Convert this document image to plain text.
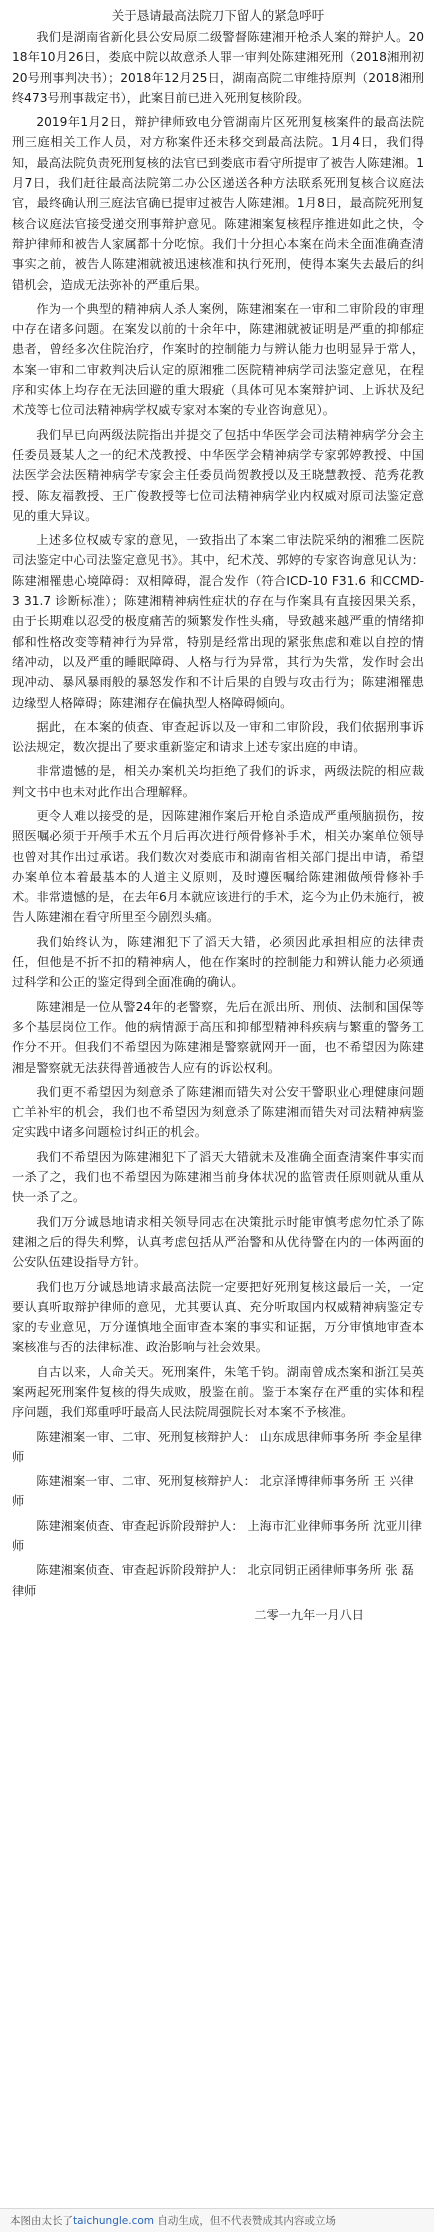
关于恳请最高法院刀下留人的紧急呼吁

我们是湖南省新化县公安局原二级警督陈建湘开枪杀人案的辩护人。2018年10月26日，娄底中院以故意杀人罪一审判处陈建湘死刑（2018湘刑初20号刑事判决书）；2018年12月25日，湖南高院二审维持原判（2018湘刑终473号刑事裁定书），此案目前已进入死刑复核阶段。

2019年1月2日，辩护律师致电分管湖南片区死刑复核案件的最高法院刑三庭相关工作人员，对方称案件还未移交到最高法院。1月4日，我们得知，最高法院负责死刑复核的法官已到娄底市看守所提审了被告人陈建湘。1月7日，我们赶往最高法院第二办公区递送各种方法联系死刑复核合议庭法官，最终确认刑三庭法官确已提审过被告人陈建湘。1月8日，最高院死刑复核合议庭法官接受递交刑事辩护意见。陈建湘案复核程序推进如此之快，令辩护律师和被告人家属都十分吃惊。我们十分担心本案在尚未全面准确查清事实之前，被告人陈建湘就被迅速核准和执行死刑，使得本案失去最后的纠错机会，造成无法弥补的严重后果。

作为一个典型的精神病人杀人案例，陈建湘案在一审和二审阶段的审理中存在诸多问题。在案发以前的十余年中，陈建湘就被证明是严重的抑郁症患者，曾经多次住院治疗，作案时的控制能力与辨认能力也明显异于常人，本案一审和二审救判决后认定的原湘雅二医院精神病学司法鉴定意见，在程序和实体上均存在无法回避的重大瑕疵（具体可见本案辩护词、上诉状及纪术茂等七位司法精神病学权威专家对本案的专业咨询意见）。

我们早已向两级法院指出并提交了包括中华医学会司法精神病学分会主任委员聂某人之一的纪术茂教授、中华医学会精神病学专家郭婷教授、中国法医学会法医精神病学专家会主任委员尚贺教授以及王晓慧教授、范秀花教授、陈友福教授、王广俊教授等七位司法精神病学业内权威对原司法鉴定意见的重大异议。

上述多位权威专家的意见，一致指出了本案二审法院采纳的湘雅二医院司法鉴定中心司法鉴定意见书》。其中，纪术茂、郭婷的专家咨询意见认为：陈建湘罹患心境障碍：双相障碍，混合发作（符合ICD-10 F31.6 和CCMD-3 31.7 诊断标准）；陈建湘精神病性症状的存在与作案具有直接因果关系，由于长期难以忍受的极度痛苦的频繁发作性头痛，导致越来越严重的情绪抑郁和性格改变等精神行为异常，特别是经常出现的紧张焦虑和难以自控的情绪冲动，以及严重的睡眠障碍、人格与行为异常，其行为失常，发作时会出现冲动、暴风暴雨般的暴怒发作和不计后果的自毁与攻击行为；陈建湘罹患边缘型人格障碍；陈建湘存在偏执型人格障碍倾向。

据此，在本案的侦查、审查起诉以及一审和二审阶段，我们依据刑事诉讼法规定，数次提出了要求重新鉴定和请求上述专家出庭的申请。

非常遗憾的是，相关办案机关均拒绝了我们的诉求，两级法院的相应裁判文书中也未对此作出合理解释。

更令人难以接受的是，因陈建湘作案后开枪自杀造成严重颅脑损伤，按照医嘱必须于开颅手术五个月后再次进行颅骨修补手术，相关办案单位领导也曾对其作出过承诺。我们数次对娄底市和湖南省相关部门提出申请，希望办案单位本着最基本的人道主义原则，及时遵医嘱给陈建湘做颅骨修补手术。非常遗憾的是，在去年6月本就应该进行的手术，迄今为止仍未施行，被告人陈建湘在看守所里至今剧烈头痛。

我们始终认为，陈建湘犯下了滔天大错，必须因此承担相应的法律责任，但他是不折不扣的精神病人，他在作案时的控制能力和辨认能力必须通过科学和公正的鉴定得到全面准确的确认。

陈建湘是一位从警24年的老警察，先后在派出所、刑侦、法制和国保等多个基层岗位工作。他的病情源于高压和抑郁型精神科疾病与繁重的警务工作分不开。但我们不希望因为陈建湘是警察就网开一面，也不希望因为陈建湘是警察就无法获得普通被告人应有的诉讼权利。

我们更不希望因为刻意杀了陈建湘而错失对公安干警职业心理健康问题亡羊补牢的机会，我们也不希望因为刻意杀了陈建湘而错失对司法精神病鉴定实践中诸多问题检讨纠正的机会。

我们不希望因为陈建湘犯下了滔天大错就未及准确全面查清案件事实而一杀了之，我们也不希望因为陈建湘当前身体状况的监管责任原则就从重从快一杀了之。

我们万分诚恳地请求相关领导同志在决策批示时能审慎考虑勿忙杀了陈建湘之后的得失利弊，认真考虑包括从严治警和从优待警在内的一体两面的公安队伍建设指导方针。

我们也万分诚恳地请求最高法院一定要把好死刑复核这最后一关，一定要认真听取辩护律师的意见，尤其要认真、充分听取国内权威精神病鉴定专家的专业意见，万分谨慎地全面审查本案的事实和证据，万分审慎地审查本案核准与否的法律标准、政治影响与社会效果。

自古以来，人命关天。死刑案件，朱笔千钧。湖南曾成杰案和浙江吴英案两起死刑案件复核的得失成败，殷鉴在前。鉴于本案存在严重的实体和程序问题，我们郑重呼吁最高人民法院周强院长对本案不予核准。

陈建湘案一审、二审、死刑复核辩护人： 山东成思律师事务所 李金星律师

陈建湘案一审、二审、死刑复核辩护人： 北京泽博律师事务所 王 兴律师

陈建湘案侦查、审查起诉阶段辩护人： 上海市汇业律师事务所 沈亚川律师

陈建湘案侦查、审查起诉阶段辩护人： 北京同钥正函律师事务所 张 磊律师

二零一九年一月八日
本图由太长了taichungle.com 自动生成，但不代表赞成其内容或立场
